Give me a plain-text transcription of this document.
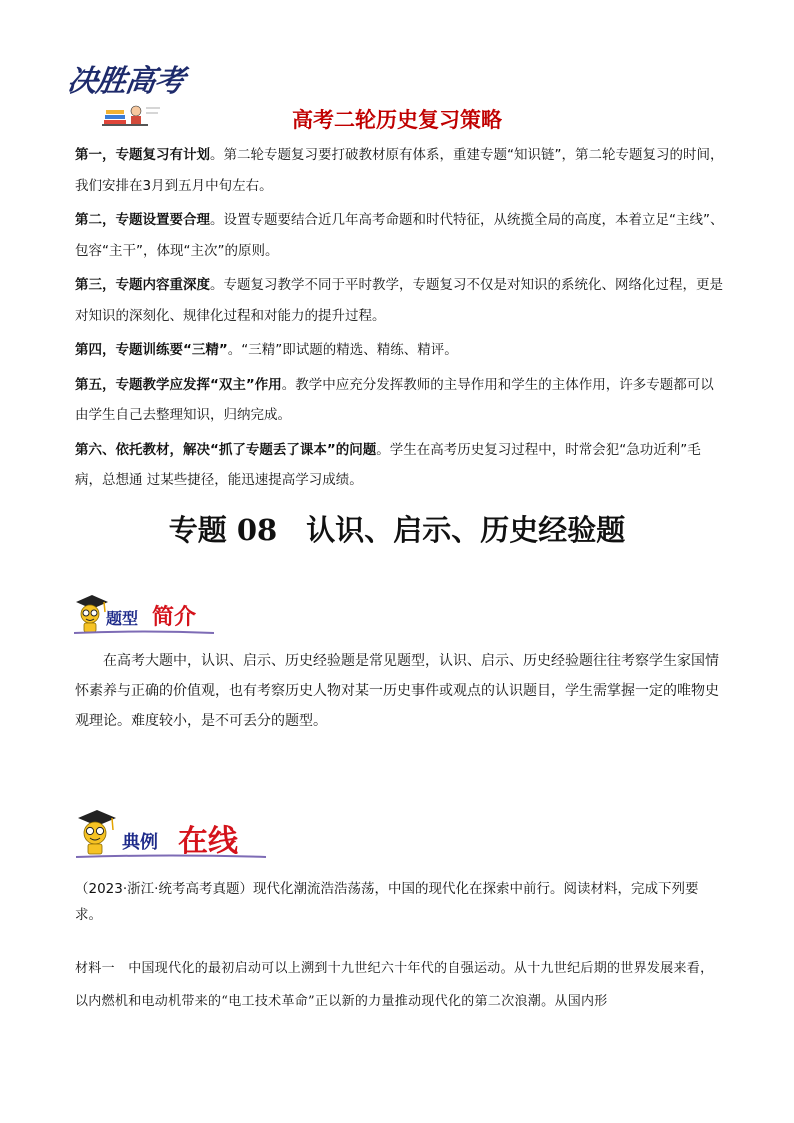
决胜高考
高考二轮历史复习策略

第一，专题复习有计划。第二轮专题复习要打破教材原有体系，重建专题“知识链”，第二轮专题复习的时间，我们安排在3月到五月中旬左右。

第二，专题设置要合理。设置专题要结合近几年高考命题和时代特征，从统揽全局的高度，本着立足“主线”、包容“主干”，体现“主次”的原则。

第三，专题内容重深度。专题复习教学不同于平时教学，专题复习不仅是对知识的系统化、网络化过程，更是对知识的深刻化、规律化过程和对能力的提升过程。

第四，专题训练要“三精”。“三精”即试题的精选、精练、精评。

第五，专题教学应发挥“双主”作用。教学中应充分发挥教师的主导作用和学生的主体作用，许多专题都可以由学生自己去整理知识，归纳完成。

第六、依托教材，解决“抓了专题丢了课本”的问题。学生在高考历史复习过程中，时常会犯“急功近利”毛病，总想通 过某些捷径，能迅速提高学习成绩。

专题 08　认识、启示、历史经验题
题型 简介

在高考大题中，认识、启示、历史经验题是常见题型，认识、启示、历史经验题往往考察学生家国情怀素养与正确的价值观，也有考察历史人物对某一历史事件或观点的认识题目，学生需掌握一定的唯物史观理论。难度较小，是不可丢分的题型。

典例 在线

（2023·浙江·统考高考真题）现代化潮流浩浩荡荡，中国的现代化在探索中前行。阅读材料，完成下列要求。

材料一　中国现代化的最初启动可以上溯到十九世纪六十年代的自强运动。从十九世纪后期的世界发展来看，以内燃机和电动机带来的“电工技术革命”正以新的力量推动现代化的第二次浪潮。从国内形
